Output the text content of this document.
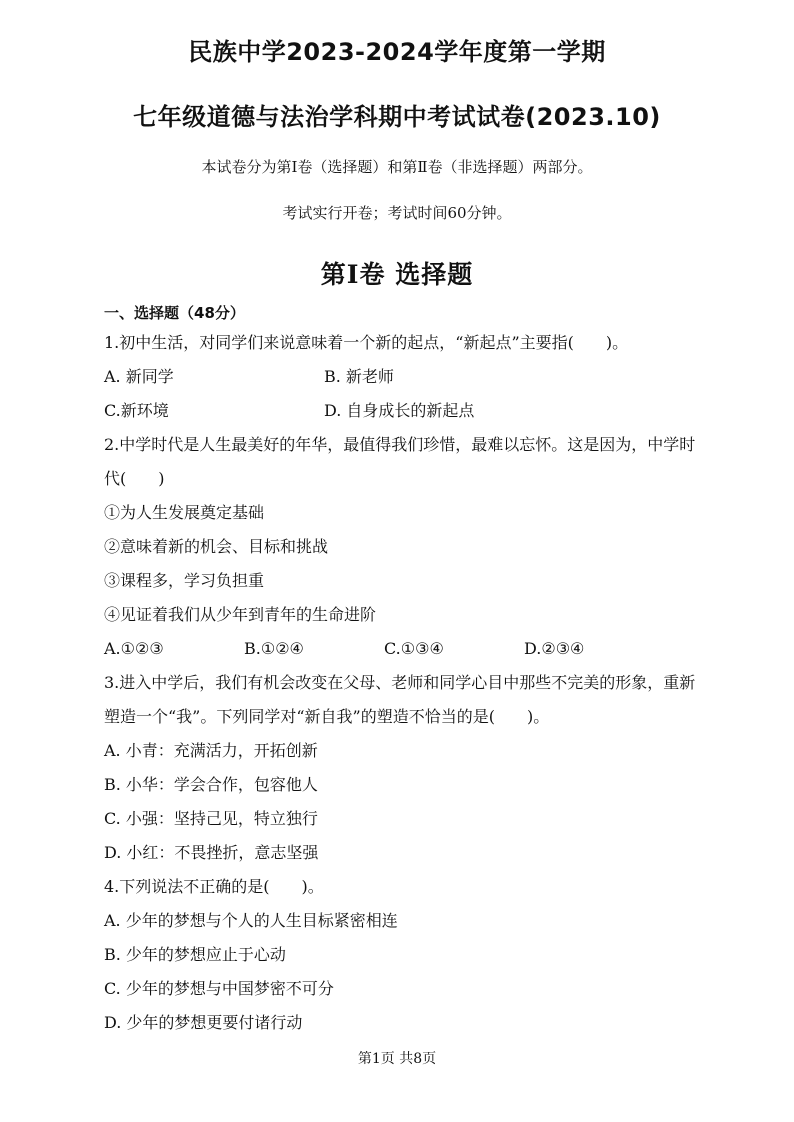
民族中学2023-2024学年度第一学期
七年级道德与法治学科期中考试试卷(2023.10)
本试卷分为第Ⅰ卷（选择题）和第Ⅱ卷（非选择题）两部分。
考试实行开卷；考试时间60分钟。
第Ⅰ卷 选择题
一、选择题（48分）
1.初中生活，对同学们来说意味着一个新的起点，“新起点”主要指(　　)。
A. 新同学	B. 新老师
C.新环境	D. 自身成长的新起点
2.中学时代是人生最美好的年华，最值得我们珍惜，最难以忘怀。这是因为，中学时
代(　　)
①为人生发展奠定基础
②意味着新的机会、目标和挑战
③课程多，学习负担重
④见证着我们从少年到青年的生命进阶
A.①②③	B.①②④	C.①③④	D.②③④
3.进入中学后，我们有机会改变在父母、老师和同学心目中那些不完美的形象，重新
塑造一个“我”。下列同学对“新自我”的塑造不恰当的是(　　)。
A. 小青：充满活力，开拓创新
B. 小华：学会合作，包容他人
C. 小强：坚持己见，特立独行
D. 小红：不畏挫折，意志坚强
4.下列说法不正确的是(　　)。
A. 少年的梦想与个人的人生目标紧密相连
B. 少年的梦想应止于心动
C. 少年的梦想与中国梦密不可分
D. 少年的梦想更要付诸行动
第1页 共8页
